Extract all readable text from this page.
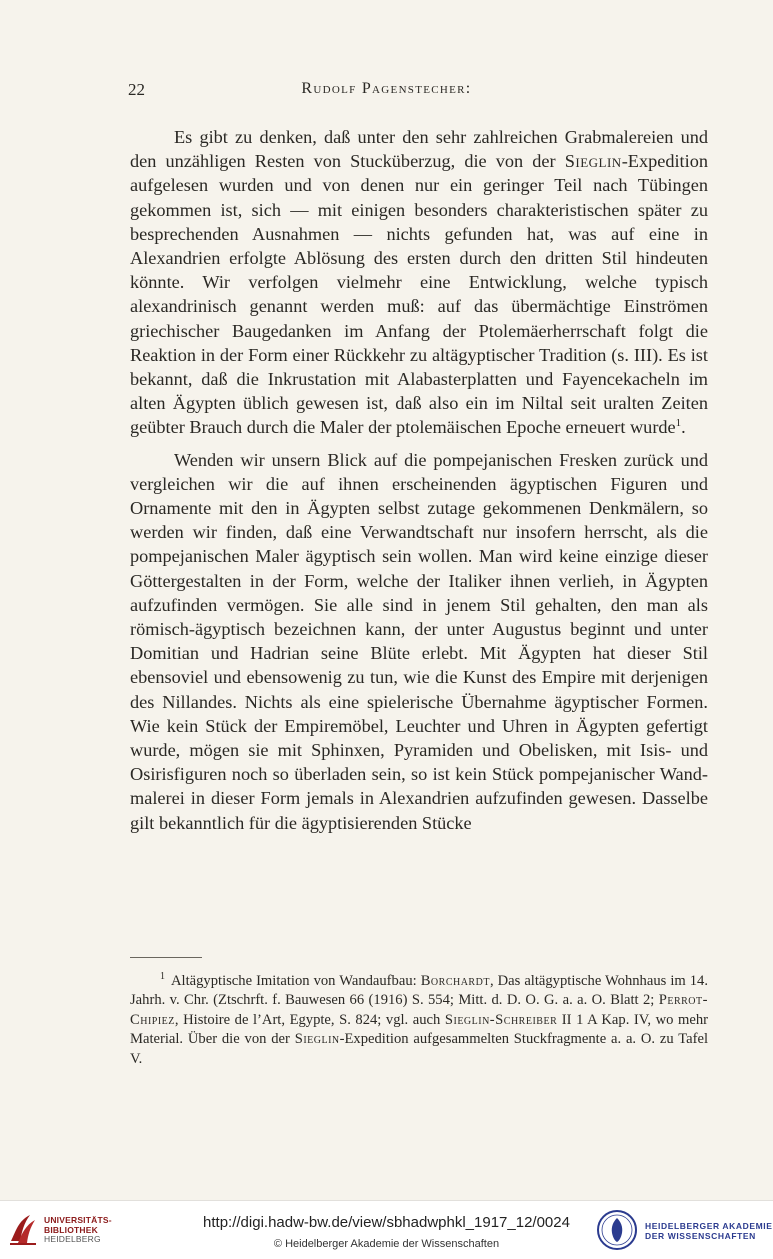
22	Rudolf Pagenstecher:

Es gibt zu denken, daß unter den sehr zahlreichen Grabmalereien und den unzähligen Resten von Stucküberzug, die von der Sieglin-Expedition aufgelesen wurden und von denen nur ein geringer Teil nach Tübingen gekommen ist, sich — mit einigen besonders charakteristischen später zu besprechenden Ausnahmen — nichts gefunden hat, was auf eine in Alexandrien erfolgte Ablösung des ersten durch den dritten Stil hindeuten könnte. Wir verfolgen vielmehr eine Entwicklung, welche typisch alexandrinisch genannt werden muß: auf das übermächtige Einströmen griechischer Baugedanken im Anfang der Ptolemäerherrschaft folgt die Reaktion in der Form einer Rückkehr zu altägyptischer Tradition (s. III). Es ist bekannt, daß die Inkrustation mit Alabasterplatten und Fayencekacheln im alten Ägypten üblich gewesen ist, daß also ein im Niltal seit uralten Zeiten geübter Brauch durch die Maler der ptolemäischen Epoche erneuert wurde$^1$.

Wenden wir unsern Blick auf die pompejanischen Fresken zurück und vergleichen wir die auf ihnen erscheinenden ägyptischen Figuren und Ornamente mit den in Ägypten selbst zutage gekommenen Denkmälern, so werden wir finden, daß eine Verwandtschaft nur insofern herrscht, als die pompejanischen Maler ägyptisch sein wollen. Man wird keine einzige dieser Göttergestalten in der Form, welche der Italiker ihnen verlieh, in Ägypten aufzufinden vermögen. Sie alle sind in jenem Stil gehalten, den man als römisch-ägyptisch bezeichnen kann, der unter Augustus beginnt und unter Domitian und Hadrian seine Blüte erlebt. Mit Ägypten hat dieser Stil ebensoviel und ebensowenig zu tun, wie die Kunst des Empire mit derjenigen des Nillandes. Nichts als eine spielerische Übernahme ägyptischer Formen. Wie kein Stück der Empiremöbel, Leuchter und Uhren in Ägypten gefertigt wurde, mögen sie mit Sphinxen, Pyramiden und Obelisken, mit Isis- und Osirisfiguren noch so überladen sein, so ist kein Stück pompejanischer Wandmalerei in dieser Form jemals in Alexandrien aufzufinden gewesen. Dasselbe gilt bekanntlich für die ägyptisierenden Stücke

$^1$ Altägyptische Imitation von Wandaufbau: Borchardt, Das altägyptische Wohnhaus im 14. Jahrh. v. Chr. (Ztschrft. f. Bauwesen 66 (1916) S. 554; Mitt. d. D. O. G. a. a. O. Blatt 2; Perrot-Chipiez, Histoire de l’Art, Egypte, S. 824; vgl. auch Sieglin-Schreiber II 1 A Kap. IV, wo mehr Material. Über die von der Sieglin-Expedition aufgesammelten Stuckfragmente a. a. O. zu Tafel V.

UNIVERSITÄTS-
BIBLIOTHEK
HEIDELBERG
http://digi.hadw-bw.de/view/sbhadwphkl_1917_12/0024
© Heidelberger Akademie der Wissenschaften
HEIDELBERGER AKADEMIE
DER WISSENSCHAFTEN
